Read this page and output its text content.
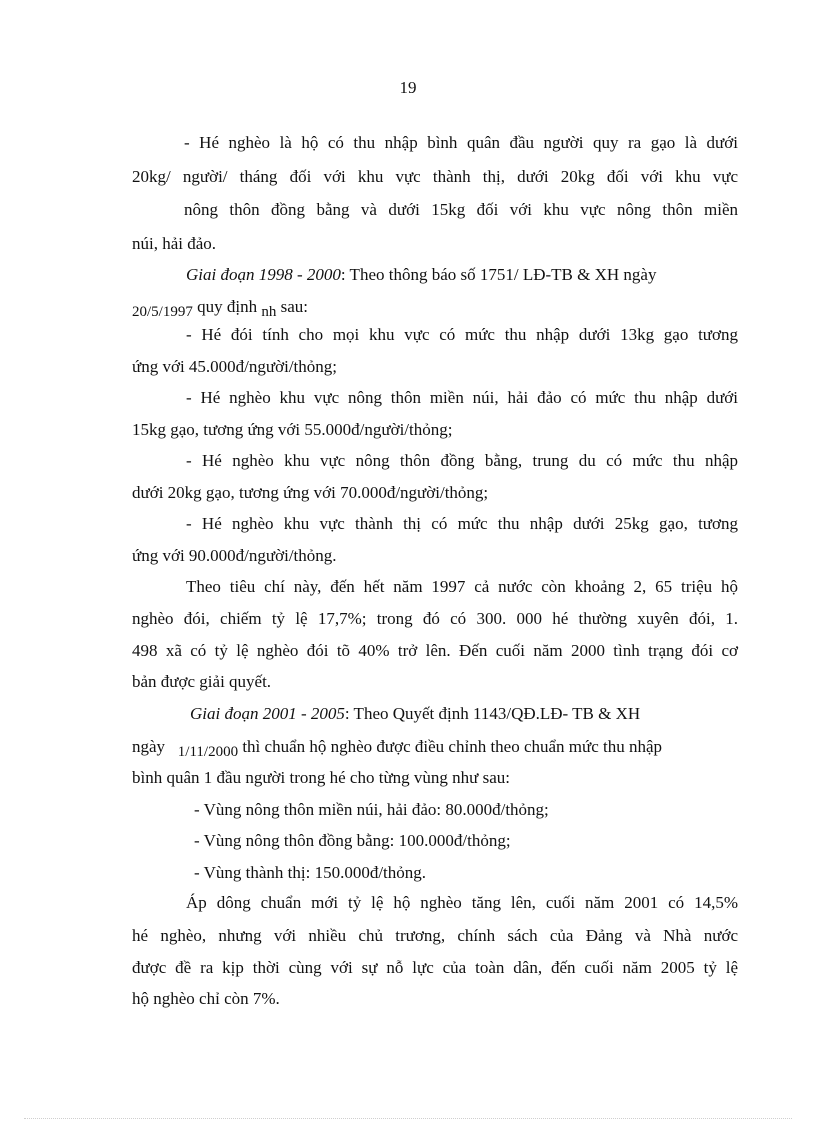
19
- Hé nghèo là hộ có thu nhập bình quân đầu người quy ra gạo là dưới
20kg/ người/ tháng đối với khu vực thành thị, dưới 20kg đối với khu vực
nông thôn đồng bằng và dưới 15kg đối với khu vực nông thôn miền
núi, hải đảo.
Giai đoạn 1998 - 2000: Theo thông báo số 1751/ LĐ-TB & XH ngày
20/5/1997 quy định nh sau:
- Hé đói tính cho mọi khu vực có mức thu nhập dưới 13kg gạo tương
ứng với 45.000đ/người/thỏng;
- Hé nghèo khu vực nông thôn miền núi, hải đảo có mức thu nhập dưới
15kg gạo, tương ứng với 55.000đ/người/thỏng;
- Hé nghèo khu vực nông thôn đồng bằng, trung du có mức thu nhập
dưới 20kg gạo, tương ứng với 70.000đ/người/thỏng;
- Hé nghèo khu vực thành thị có mức thu nhập dưới 25kg gạo, tương
ứng với 90.000đ/người/thỏng.
Theo tiêu chí này, đến hết năm 1997 cả nước còn khoảng 2, 65 triệu hộ
nghèo đói, chiếm tỷ lệ 17,7%; trong đó có 300. 000 hé thường xuyên đói, 1.
498 xã có tỷ lệ nghèo đói tõ 40% trở lên. Đến cuối năm 2000 tình trạng đói cơ
bản được giải quyết.
Giai đoạn 2001 - 2005: Theo Quyết định 1143/QĐ.LĐ- TB & XH
ngày 1/11/2000 thì chuẩn hộ nghèo được điều chỉnh theo chuẩn mức thu nhập
bình quân 1 đầu người trong hé cho từng vùng như sau:
- Vùng nông thôn miền núi, hải đảo: 80.000đ/thỏng;
- Vùng nông thôn đồng bằng: 100.000đ/thỏng;
- Vùng thành thị: 150.000đ/thỏng.
Áp dông chuẩn mới tỷ lệ hộ nghèo tăng lên, cuối năm 2001 có 14,5%
hé nghèo, nhưng với nhiều chủ trương, chính sách của Đảng và Nhà nước
được đề ra kịp thời cùng với sự nỗ lực của toàn dân, đến cuối năm 2005 tỷ lệ
hộ nghèo chỉ còn 7%.
